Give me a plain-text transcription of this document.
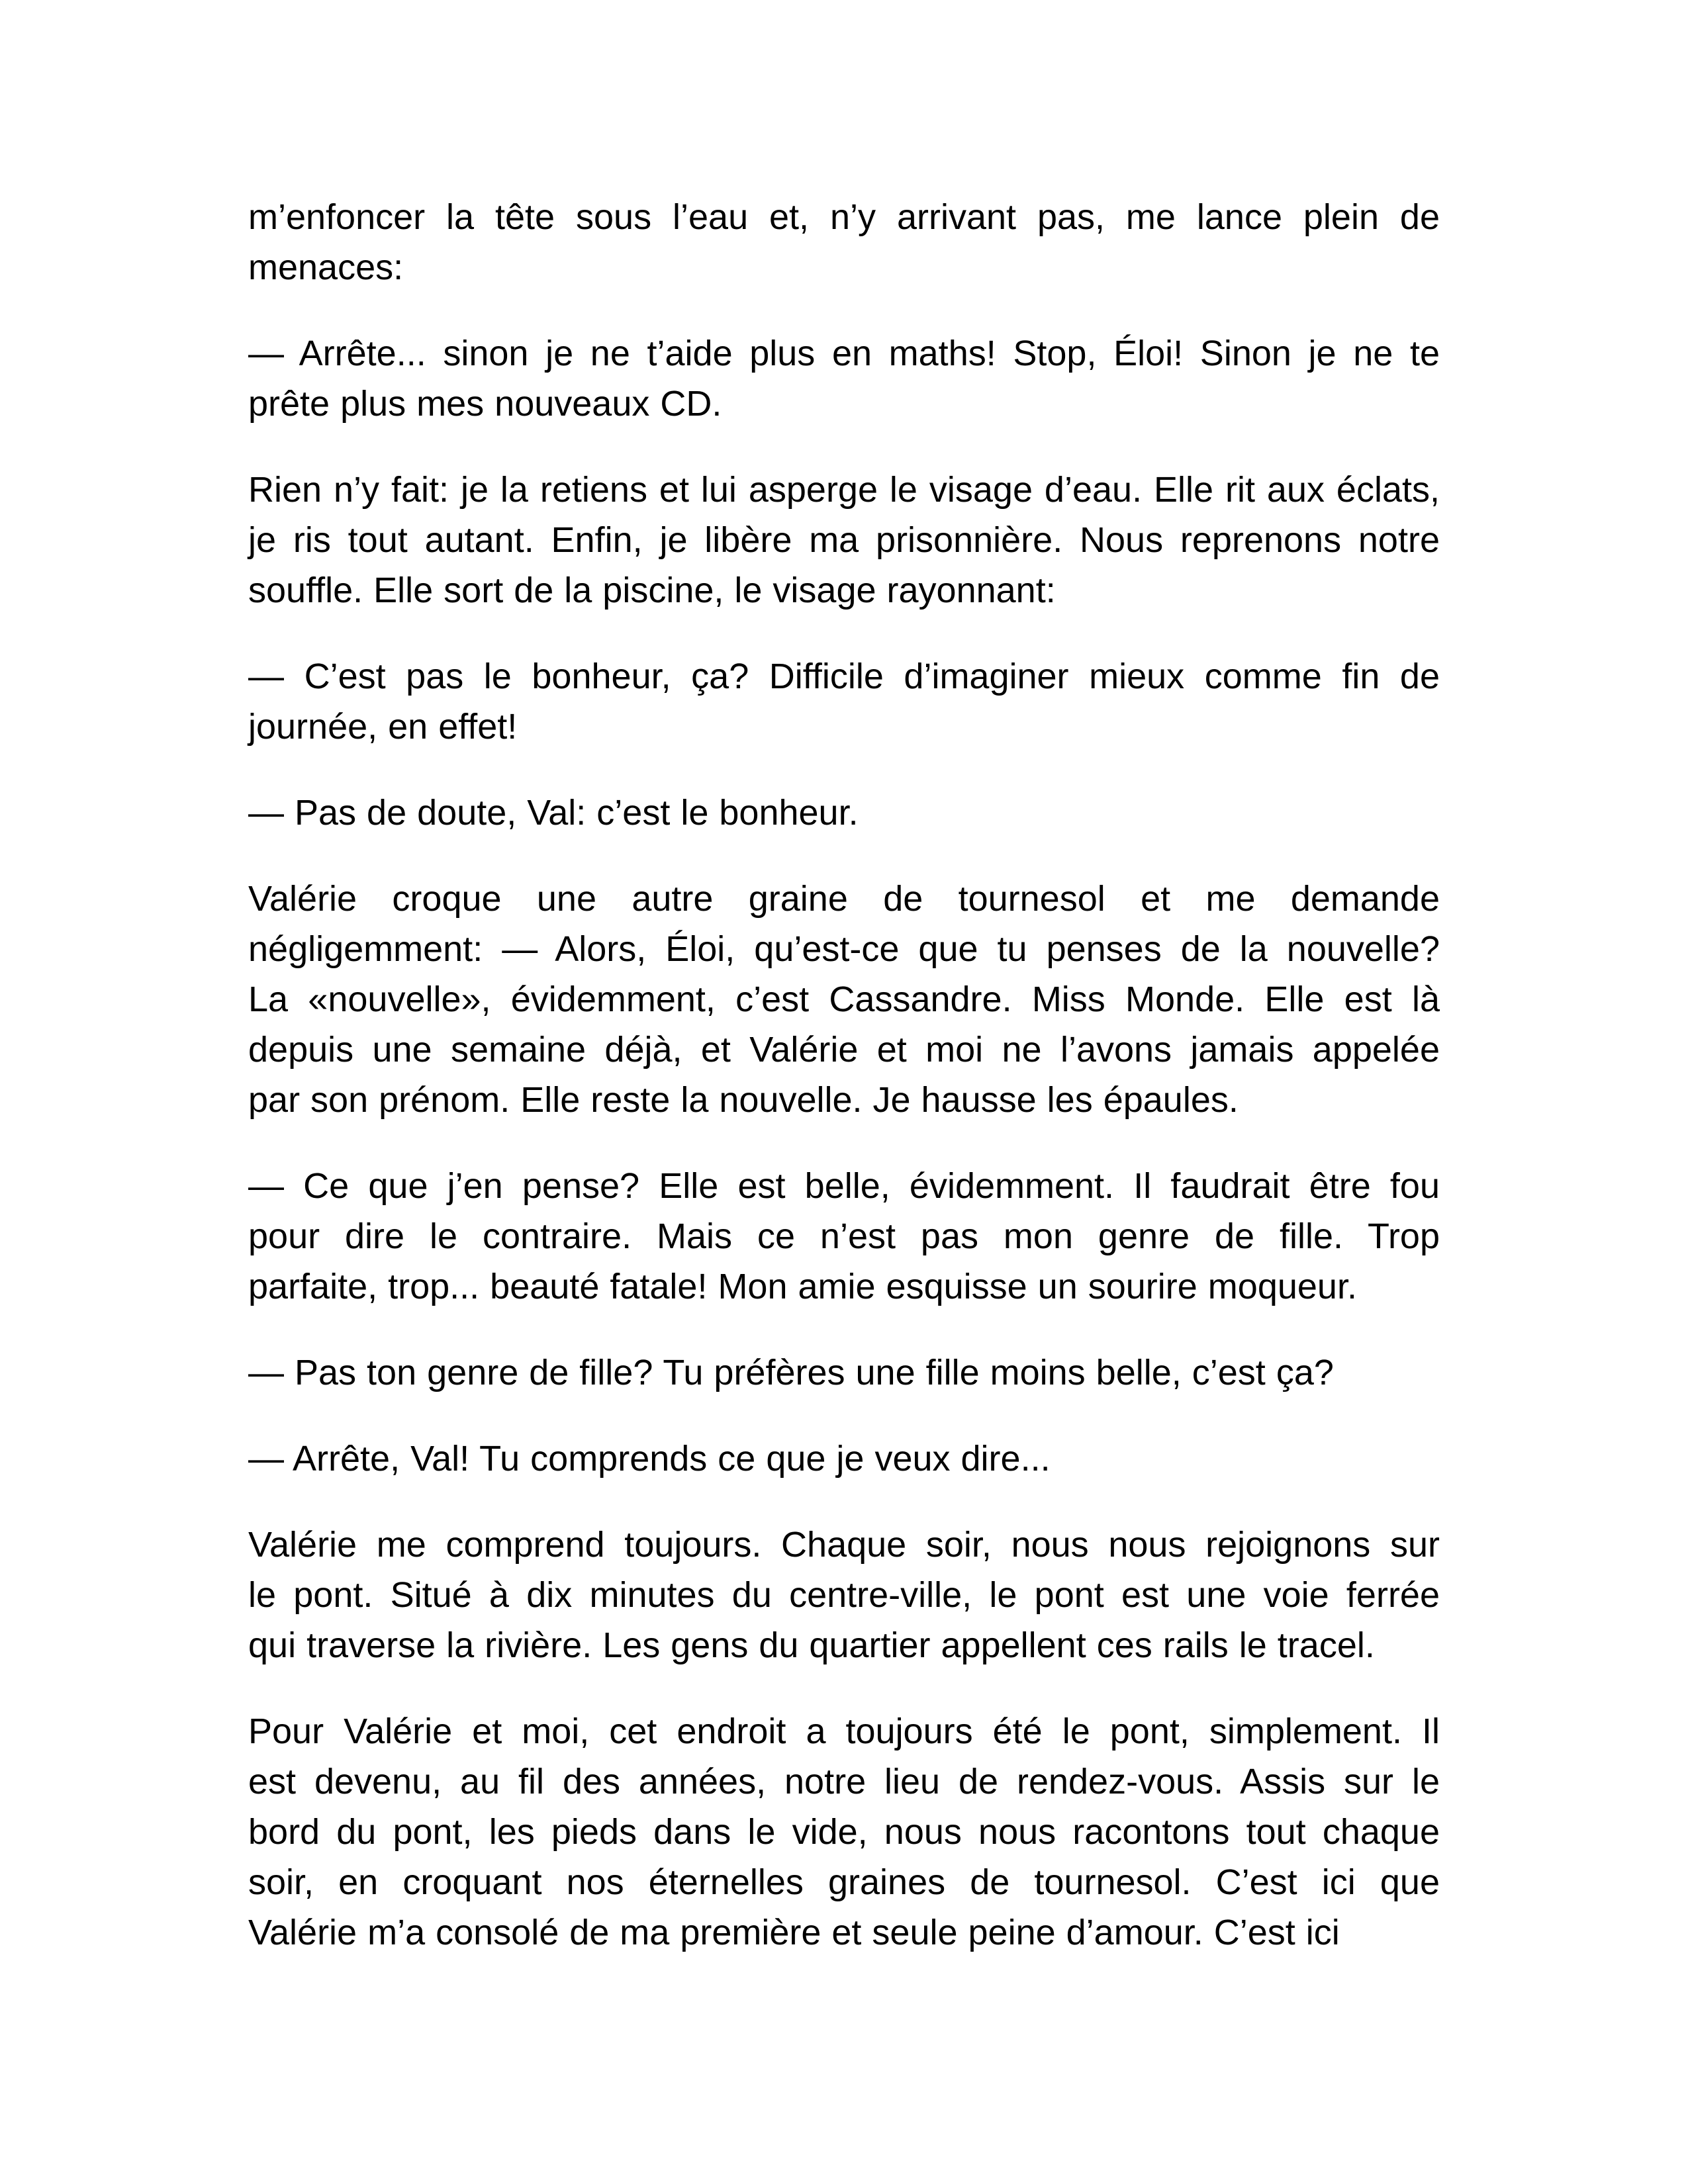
m’enfoncer la tête sous l’eau et, n’y arrivant pas, me lance plein de
menaces:

— Arrête... sinon je ne t’aide plus en maths! Stop, Éloi! Sinon je ne te
prête plus mes nouveaux CD.

Rien n’y fait: je la retiens et lui asperge le visage d’eau. Elle rit aux éclats,
je ris tout autant. Enfin, je libère ma prisonnière. Nous reprenons notre
souffle. Elle sort de la piscine, le visage rayonnant:

— C’est pas le bonheur, ça? Difficile d’imaginer mieux comme fin de
journée, en effet!

— Pas de doute, Val: c’est le bonheur.

Valérie croque une autre graine de tournesol et me demande
négligemment: — Alors, Éloi, qu’est-ce que tu penses de la nouvelle?
La «nouvelle», évidemment, c’est Cassandre. Miss Monde. Elle est là
depuis une semaine déjà, et Valérie et moi ne l’avons jamais appelée
par son prénom. Elle reste la nouvelle. Je hausse les épaules.

— Ce que j’en pense? Elle est belle, évidemment. Il faudrait être fou
pour dire le contraire. Mais ce n’est pas mon genre de fille. Trop
parfaite, trop... beauté fatale! Mon amie esquisse un sourire moqueur.

— Pas ton genre de fille? Tu préfères une fille moins belle, c’est ça?

— Arrête, Val! Tu comprends ce que je veux dire...

Valérie me comprend toujours. Chaque soir, nous nous rejoignons sur
le pont. Situé à dix minutes du centre-ville, le pont est une voie ferrée
qui traverse la rivière. Les gens du quartier appellent ces rails le tracel.

Pour Valérie et moi, cet endroit a toujours été le pont, simplement. Il
est devenu, au fil des années, notre lieu de rendez-vous. Assis sur le
bord du pont, les pieds dans le vide, nous nous racontons tout chaque
soir, en croquant nos éternelles graines de tournesol. C’est ici que
Valérie m’a consolé de ma première et seule peine d’amour. C’est ici
